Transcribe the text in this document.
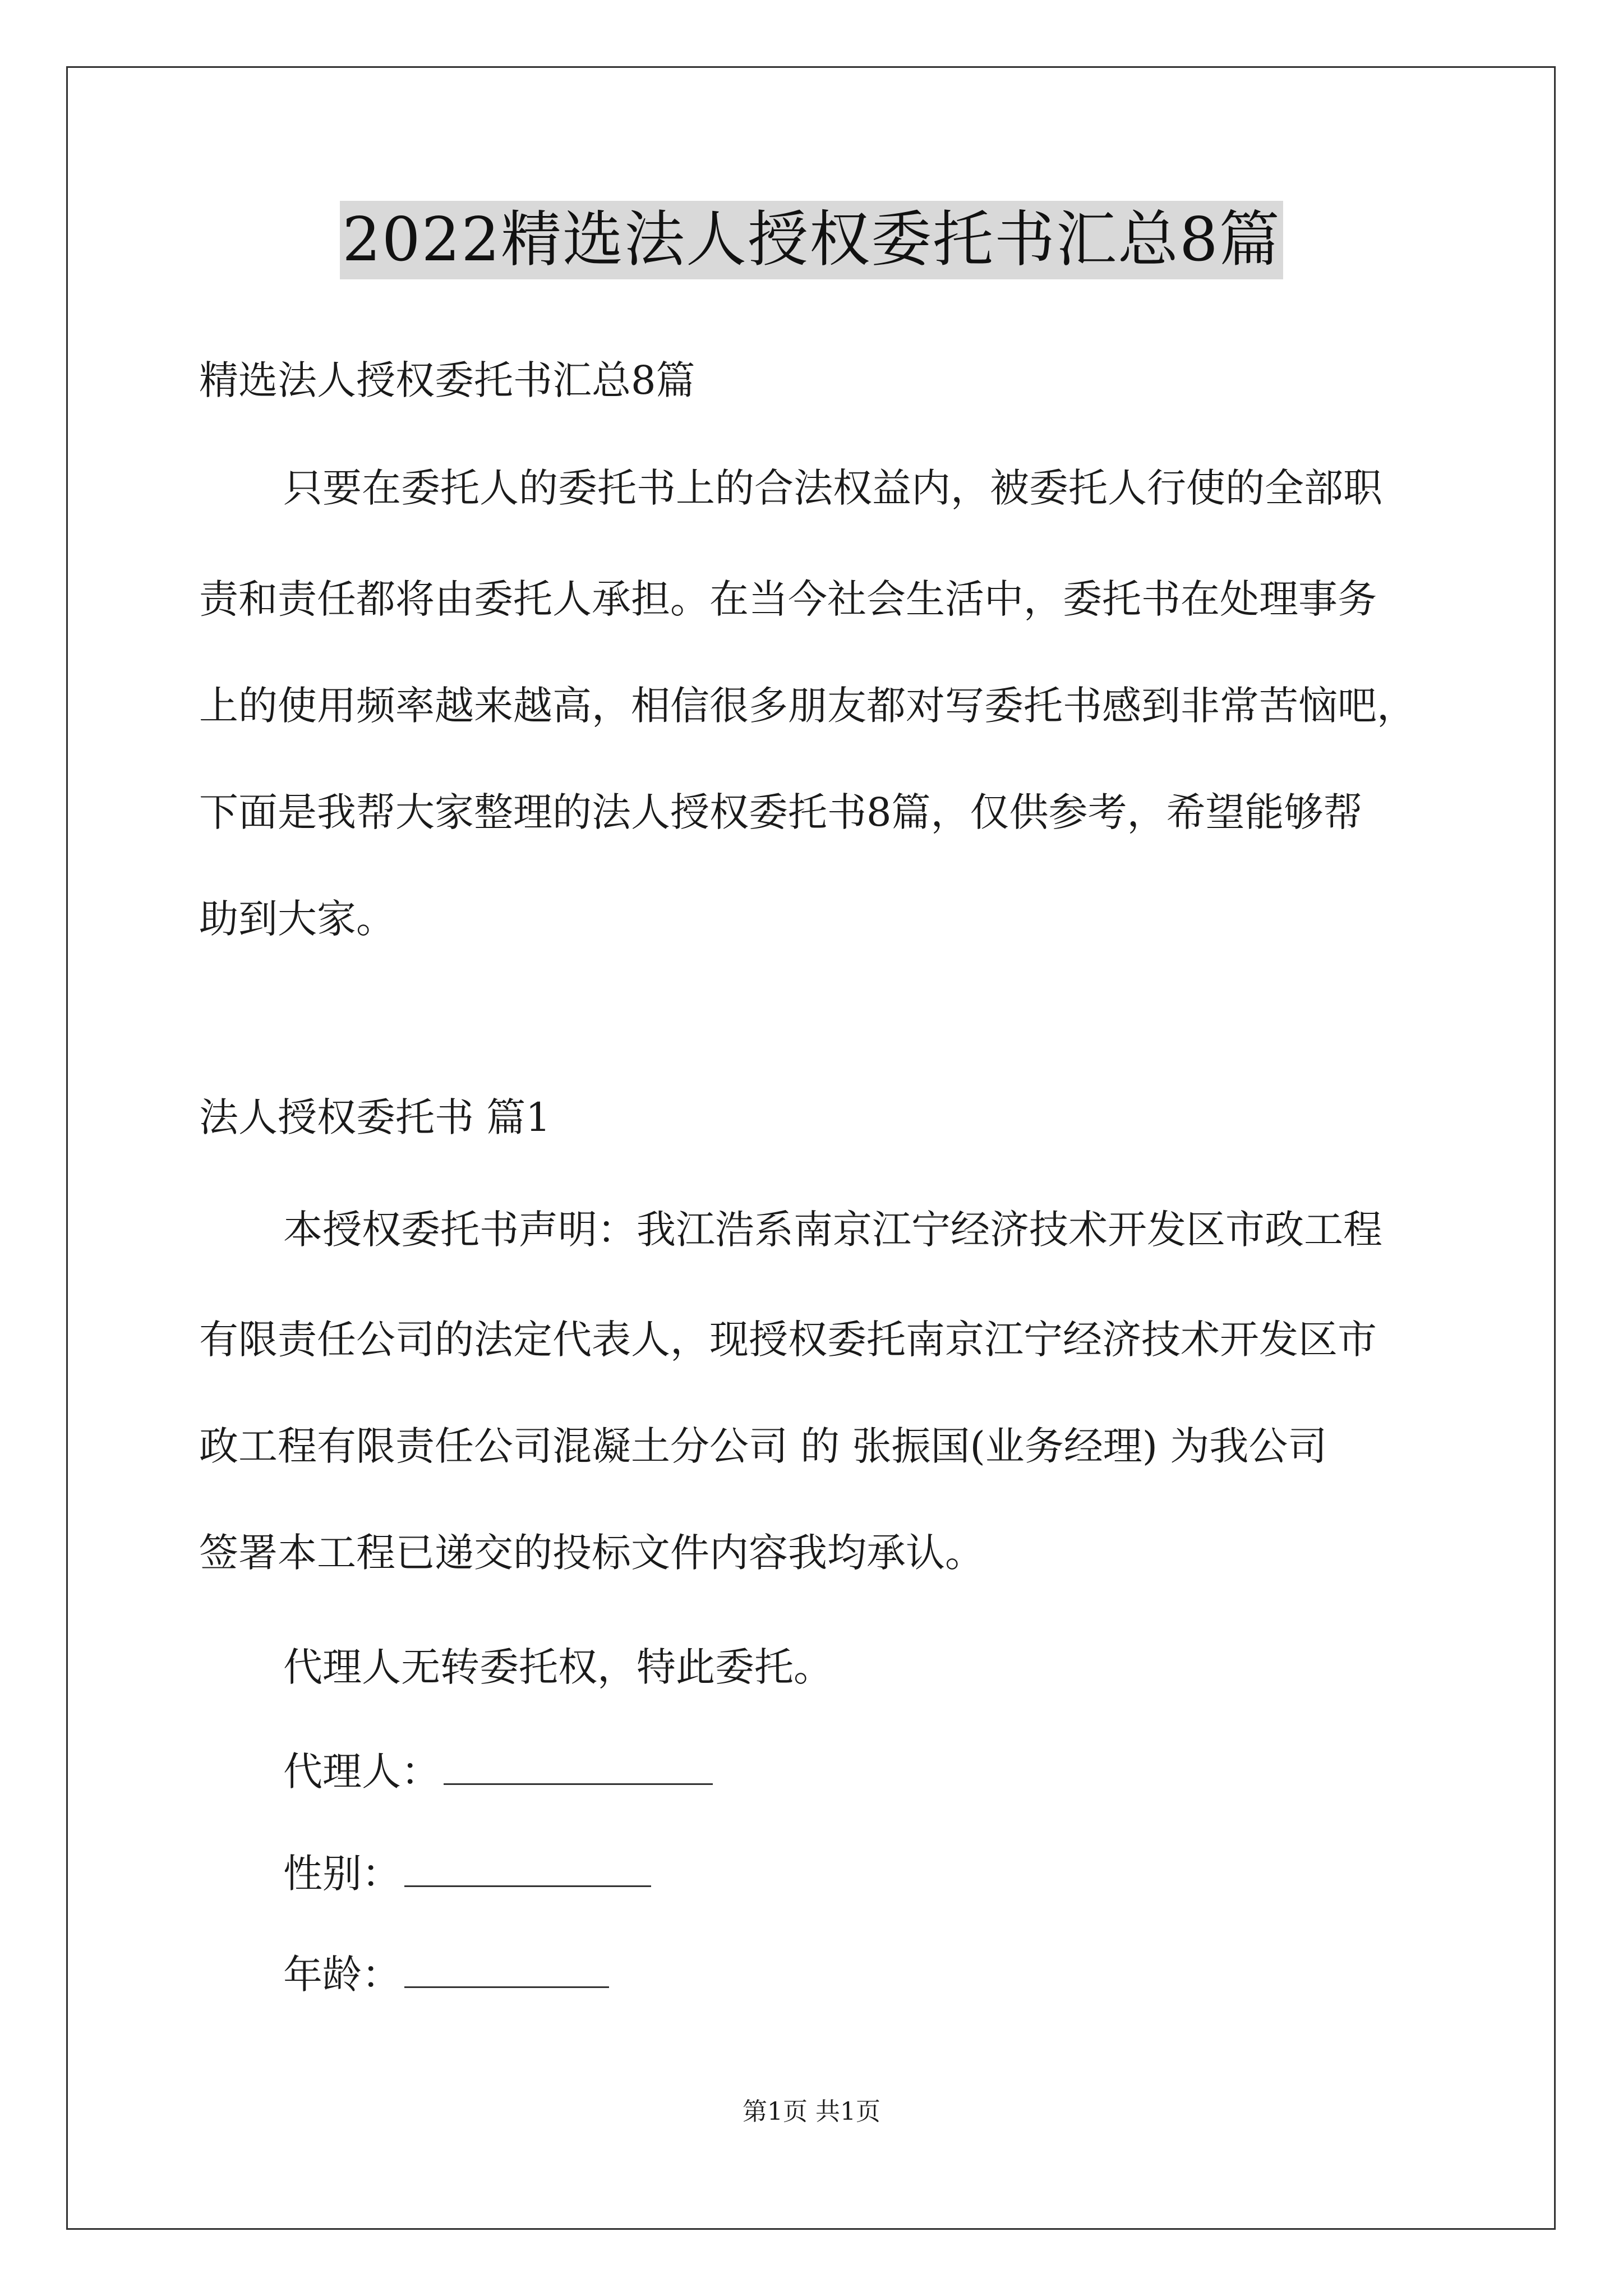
2022精选法人授权委托书汇总8篇
精选法人授权委托书汇总8篇
只要在委托人的委托书上的合法权益内，被委托人行使的全部职
责和责任都将由委托人承担。在当今社会生活中，委托书在处理事务
上的使用频率越来越高，相信很多朋友都对写委托书感到非常苦恼吧，
下面是我帮大家整理的法人授权委托书8篇，仅供参考，希望能够帮
助到大家。
法人授权委托书 篇1
本授权委托书声明：我江浩系南京江宁经济技术开发区市政工程
有限责任公司的法定代表人，现授权委托南京江宁经济技术开发区市
政工程有限责任公司混凝土分公司 的 张振国(业务经理) 为我公司
签署本工程已递交的投标文件内容我均承认。
代理人无转委托权，特此委托。
代理人：
性别：
年龄：
第1页 共1页
